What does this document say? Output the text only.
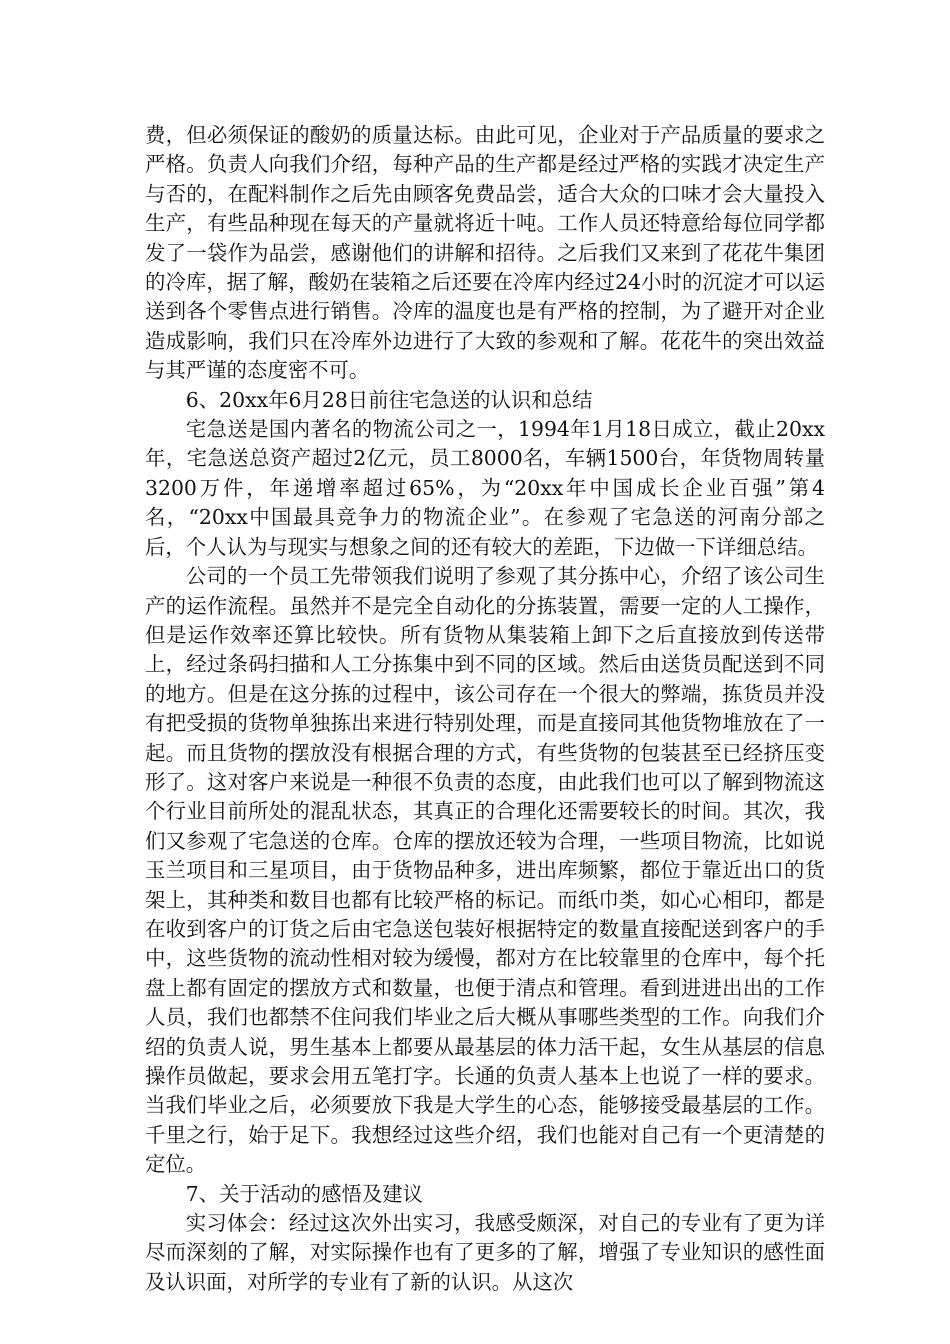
费，但必须保证的酸奶的质量达标。由此可见，企业对于产品质量的要求之严格。负责人向我们介绍，每种产品的生产都是经过严格的实践才决定生产与否的，在配料制作之后先由顾客免费品尝，适合大众的口味才会大量投入生产，有些品种现在每天的产量就将近十吨。工作人员还特意给每位同学都发了一袋作为品尝，感谢他们的讲解和招待。之后我们又来到了花花牛集团的冷库，据了解，酸奶在装箱之后还要在冷库内经过24小时的沉淀才可以运送到各个零售点进行销售。冷库的温度也是有严格的控制，为了避开对企业造成影响，我们只在冷库外边进行了大致的参观和了解。花花牛的突出效益与其严谨的态度密不可。

6、20xx年6月28日前往宅急送的认识和总结

宅急送是国内著名的物流公司之一，1994年1月18日成立，截止20xx年，宅急送总资产超过2亿元，员工8000名，车辆1500台，年货物周转量3200万件，年递增率超过65%，为“20xx年中国成长企业百强”第4名，“20xx中国最具竞争力的物流企业”。在参观了宅急送的河南分部之后，个人认为与现实与想象之间的还有较大的差距，下边做一下详细总结。

公司的一个员工先带领我们说明了参观了其分拣中心，介绍了该公司生产的运作流程。虽然并不是完全自动化的分拣装置，需要一定的人工操作，但是运作效率还算比较快。所有货物从集装箱上卸下之后直接放到传送带上，经过条码扫描和人工分拣集中到不同的区域。然后由送货员配送到不同的地方。但是在这分拣的过程中，该公司存在一个很大的弊端，拣货员并没有把受损的货物单独拣出来进行特别处理，而是直接同其他货物堆放在了一起。而且货物的摆放没有根据合理的方式，有些货物的包装甚至已经挤压变形了。这对客户来说是一种很不负责的态度，由此我们也可以了解到物流这个行业目前所处的混乱状态，其真正的合理化还需要较长的时间。其次，我们又参观了宅急送的仓库。仓库的摆放还较为合理，一些项目物流，比如说玉兰项目和三星项目，由于货物品种多，进出库频繁，都位于靠近出口的货架上，其种类和数目也都有比较严格的标记。而纸巾类，如心心相印，都是在收到客户的订货之后由宅急送包装好根据特定的数量直接配送到客户的手中，这些货物的流动性相对较为缓慢，都对方在比较靠里的仓库中，每个托盘上都有固定的摆放方式和数量，也便于清点和管理。看到进进出出的工作人员，我们也都禁不住问我们毕业之后大概从事哪些类型的工作。向我们介绍的负责人说，男生基本上都要从最基层的体力活干起，女生从基层的信息操作员做起，要求会用五笔打字。长通的负责人基本上也说了一样的要求。当我们毕业之后，必须要放下我是大学生的心态，能够接受最基层的工作。千里之行，始于足下。我想经过这些介绍，我们也能对自己有一个更清楚的定位。

7、关于活动的感悟及建议

实习体会：经过这次外出实习，我感受颇深，对自己的专业有了更为详尽而深刻的了解，对实际操作也有了更多的了解，增强了专业知识的感性面及认识面，对所学的专业有了新的认识。从这次
